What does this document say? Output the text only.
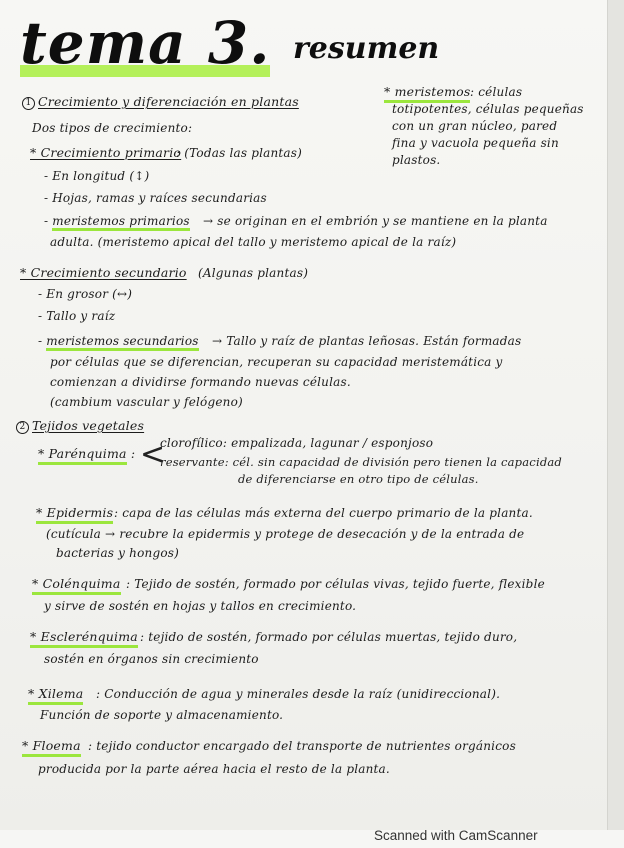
tema 3. resumen
* meristemos : células
totipotentes, células pequeñas
con un gran núcleo, pared
fina y vacuola pequeña sin
plastos.
1 Crecimiento y diferenciación en plantas
Dos tipos de crecimiento:
* Crecimiento primario
: (Todas las plantas)
- En longitud (↕)
- Hojas, ramas y raíces secundarias
- meristemos primarios → se originan en el embrión y se mantiene en la planta
adulta. (meristemo apical del tallo y meristemo apical de la raíz)
* Crecimiento secundario (Algunas plantas)
- En grosor (↔)
- Tallo y raíz
- meristemos secundarios → Tallo y raíz de plantas leñosas. Están formadas
por células que se diferencian, recuperan su capacidad meristemática y
comienzan a dividirse formando nuevas células.
(cambium vascular y felógeno)
2 Tejidos vegetales
* Parénquima : <
clorofílico: empalizada, lagunar / esponjoso
reservante: cél. sin capacidad de división pero tienen la capacidad
de diferenciarse en otro tipo de células.
* Epidermis : capa de las células más externa del cuerpo primario de la planta.
(cutícula → recubre la epidermis y protege de desecación y de la entrada de
bacterias y hongos)
* Colénquima : Tejido de sostén, formado por células vivas, tejido fuerte, flexible
y sirve de sostén en hojas y tallos en crecimiento.
* Esclerénquima : tejido de sostén, formado por células muertas, tejido duro,
sostén en órganos sin crecimiento
* Xilema : Conducción de agua y minerales desde la raíz (unidireccional).
Función de soporte y almacenamiento.
* Floema : tejido conductor encargado del transporte de nutrientes orgánicos
producida por la parte aérea hacia el resto de la planta.
Scanned with CamScanner
